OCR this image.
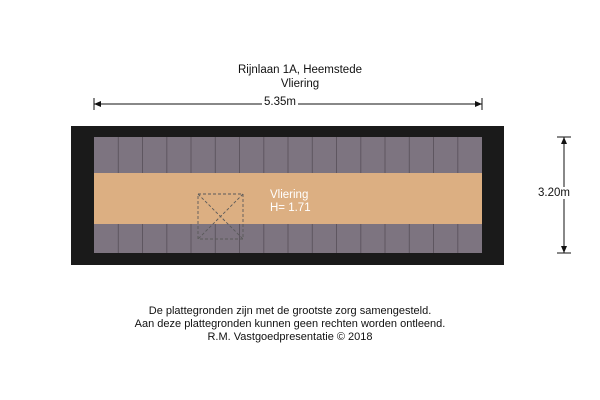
Rijnlaan 1A, Heemstede
Vliering
5.35m
3.20m
Vliering
H= 1.71
De plattegronden zijn met de grootste zorg samengesteld.
Aan deze plattegronden kunnen geen rechten worden ontleend.
R.M. Vastgoedpresentatie © 2018
